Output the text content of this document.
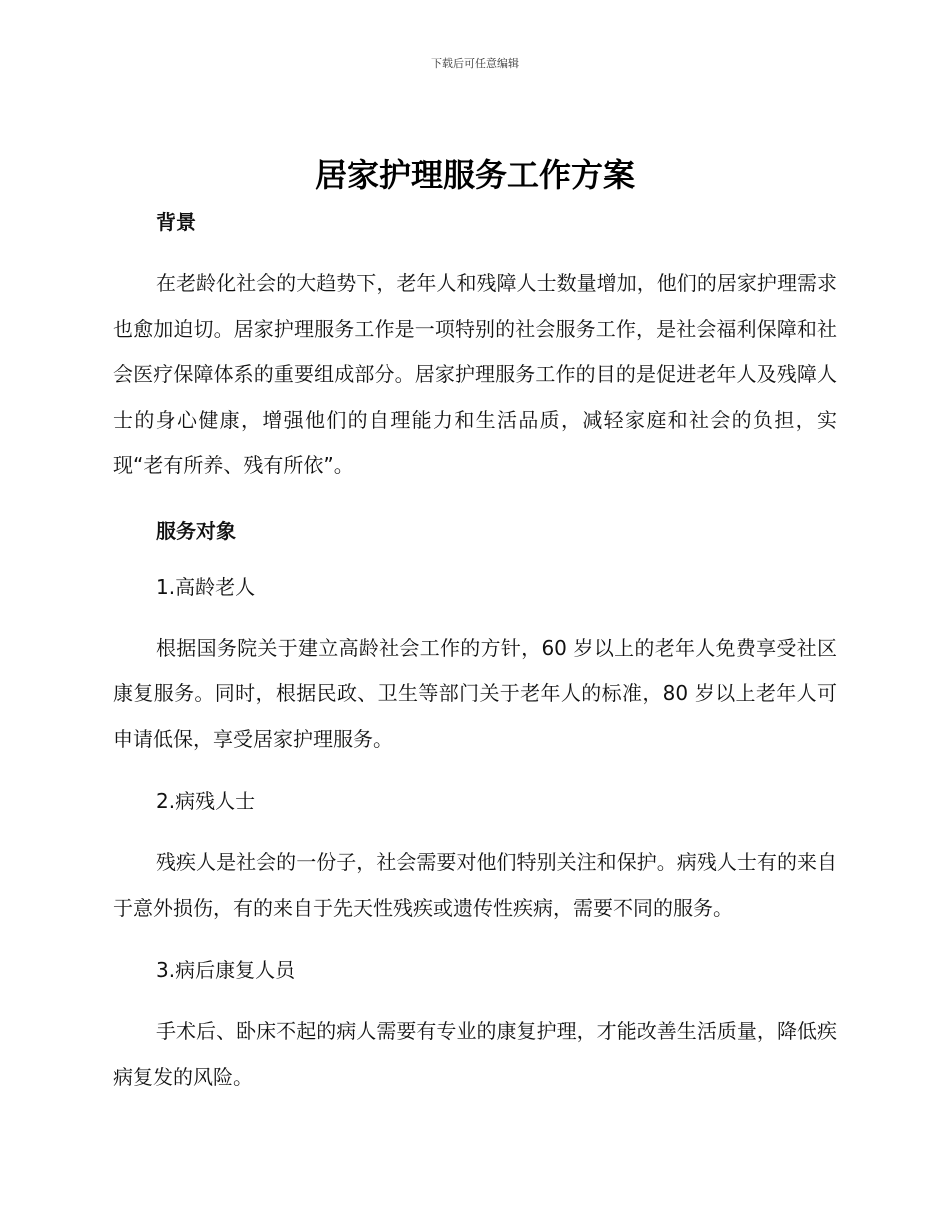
下载后可任意编辑
居家护理服务工作方案

背景

在老龄化社会的大趋势下，老年人和残障人士数量增加，他们的居家护理需求也愈加迫切。居家护理服务工作是一项特别的社会服务工作，是社会福利保障和社会医疗保障体系的重要组成部分。居家护理服务工作的目的是促进老年人及残障人士的身心健康，增强他们的自理能力和生活品质，减轻家庭和社会的负担，实现“老有所养、残有所依”。

服务对象

1.高龄老人

根据国务院关于建立高龄社会工作的方针，60 岁以上的老年人免费享受社区康复服务。同时，根据民政、卫生等部门关于老年人的标准，80 岁以上老年人可申请低保，享受居家护理服务。

2.病残人士

残疾人是社会的一份子，社会需要对他们特别关注和保护。病残人士有的来自于意外损伤，有的来自于先天性残疾或遗传性疾病，需要不同的服务。

3.病后康复人员

手术后、卧床不起的病人需要有专业的康复护理，才能改善生活质量，降低疾病复发的风险。
